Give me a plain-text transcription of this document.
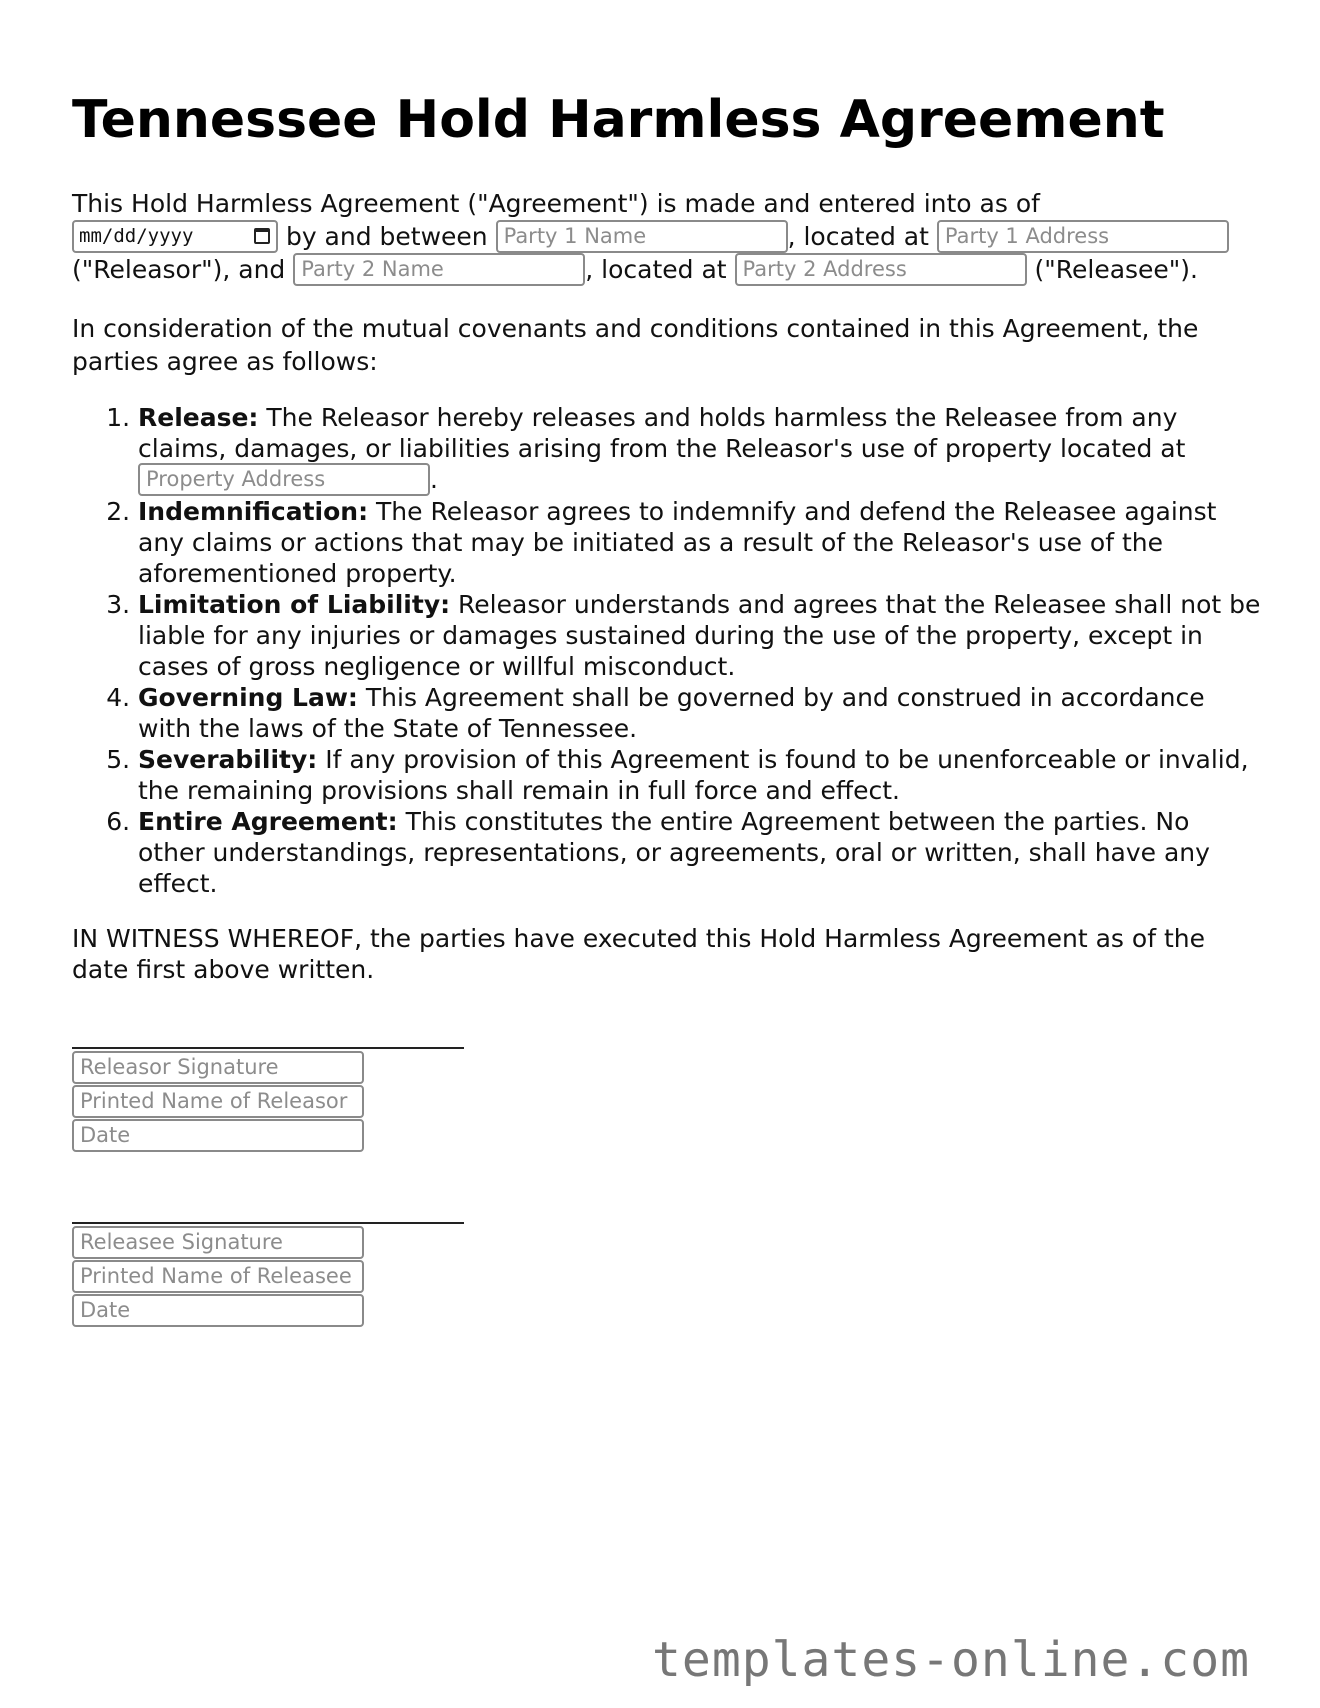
Tennessee Hold Harmless Agreement

This Hold Harmless Agreement ("Agreement") is made and entered into as of

mm/dd/yyyy	by and between Party 1 Name	, located at Party 1 Address
("Releasor"), and Party 2 Name	, located at Party 2 Address	("Releasee").

In consideration of the mutual covenants and conditions contained in this Agreement, the parties agree as follows:

1. Release: The Releasor hereby releases and holds harmless the Releasee from any claims, damages, or liabilities arising from the Releasor's use of property located at Property Address.
2. Indemnification: The Releasor agrees to indemnify and defend the Releasee against any claims or actions that may be initiated as a result of the Releasor's use of the aforementioned property.
3. Limitation of Liability: Releasor understands and agrees that the Releasee shall not be liable for any injuries or damages sustained during the use of the property, except in cases of gross negligence or willful misconduct.
4. Governing Law: This Agreement shall be governed by and construed in accordance with the laws of the State of Tennessee.
5. Severability: If any provision of this Agreement is found to be unenforceable or invalid, the remaining provisions shall remain in full force and effect.
6. Entire Agreement: This constitutes the entire Agreement between the parties. No other understandings, representations, or agreements, oral or written, shall have any effect.

IN WITNESS WHEREOF, the parties have executed this Hold Harmless Agreement as of the date first above written.

Releasor Signature
Printed Name of Releasor
Date
Releasee Signature
Printed Name of Releasee
Date
templates-online.com
